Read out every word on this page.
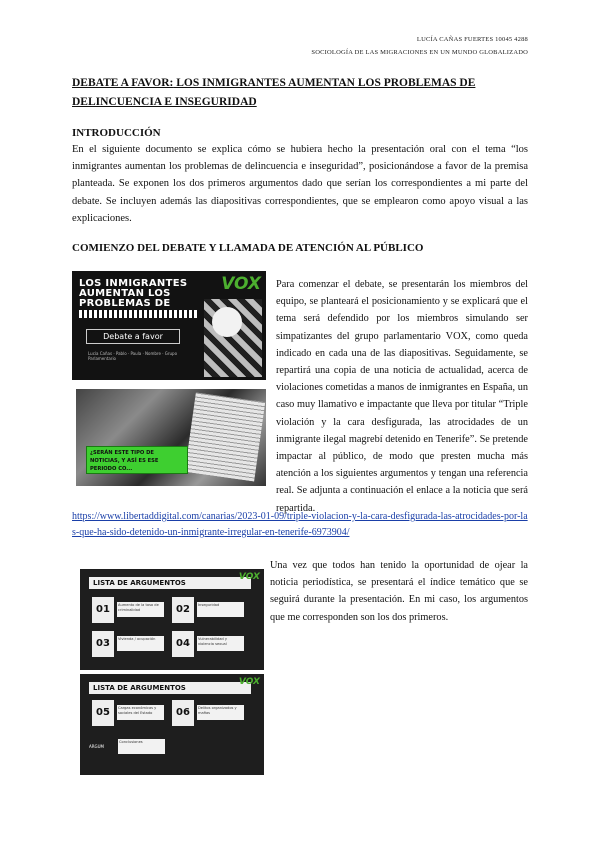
LUCÍA CAÑAS FUERTES 10045 4288
SOCIOLOGÍA DE LAS MIGRACIONES EN UN MUNDO GLOBALIZADO
DEBATE A FAVOR: LOS INMIGRANTES AUMENTAN LOS PROBLEMAS DE DELINCUENCIA E INSEGURIDAD
INTRODUCCIÓN
En el siguiente documento se explica cómo se hubiera hecho la presentación oral con el tema “los inmigrantes aumentan los problemas de delincuencia e inseguridad”, posicionándose a favor de la premisa planteada. Se exponen los dos primeros argumentos dado que serían los correspondientes a mi parte del debate. Se incluyen además las diapositivas correspondientes, que se emplearon como apoyo visual a las explicaciones.
COMIENZO DEL DEBATE Y LLAMADA DE ATENCIÓN AL PÚBLICO
LOS INMIGRANTES AUMENTAN LOS PROBLEMAS DE
VOX
Debate a favor
Lucía Cañas · Pablo · Paula · Nombre · Grupo Parlamentario
¿SERÁN ESTE TIPO DE NOTICIAS, Y ASÍ ES ESE PERIODO CO...
Para comenzar el debate, se presentarán los miembros del equipo, se planteará el posicionamiento y se explicará que el tema será defendido por los miembros simulando ser simpatizantes del grupo parlamentario VOX, como queda indicado en cada una de las diapositivas. Seguidamente, se repartirá una copia de una noticia de actualidad, acerca de violaciones cometidas a manos de inmigrantes en España, un caso muy llamativo e impactante que lleva por titular “Triple violación y la cara desfigurada, las atrocidades de un inmigrante ilegal magrebí detenido en Tenerife”. Se pretende impactar al público, de modo que presten mucha más atención a los siguientes argumentos y tengan una referencia real. Se adjunta a continuación el enlace a la noticia que será repartida.
https://www.libertaddigital.com/canarias/2023-01-09/triple-violacion-y-la-cara-desfigurada-las-atrocidades-por-las-que-ha-sido-detenido-un-inmigrante-irregular-en-tenerife-6973904/
LISTA DE ARGUMENTOS
VOX
01	Aumento de la tasa de criminalidad	02	Inseguridad
03	Vivienda / ocupación	04	Vulnerabilidad y violencia sexual
LISTA DE ARGUMENTOS
VOX
05	Cargas económicas y sociales del Estado	06	Delitos organizados y mafias
ARGUM
Conclusiones
Una vez que todos han tenido la oportunidad de ojear la noticia periodística, se presentará el índice temático que se seguirá durante la presentación. En mi caso, los argumentos que me corresponden son los dos primeros.
